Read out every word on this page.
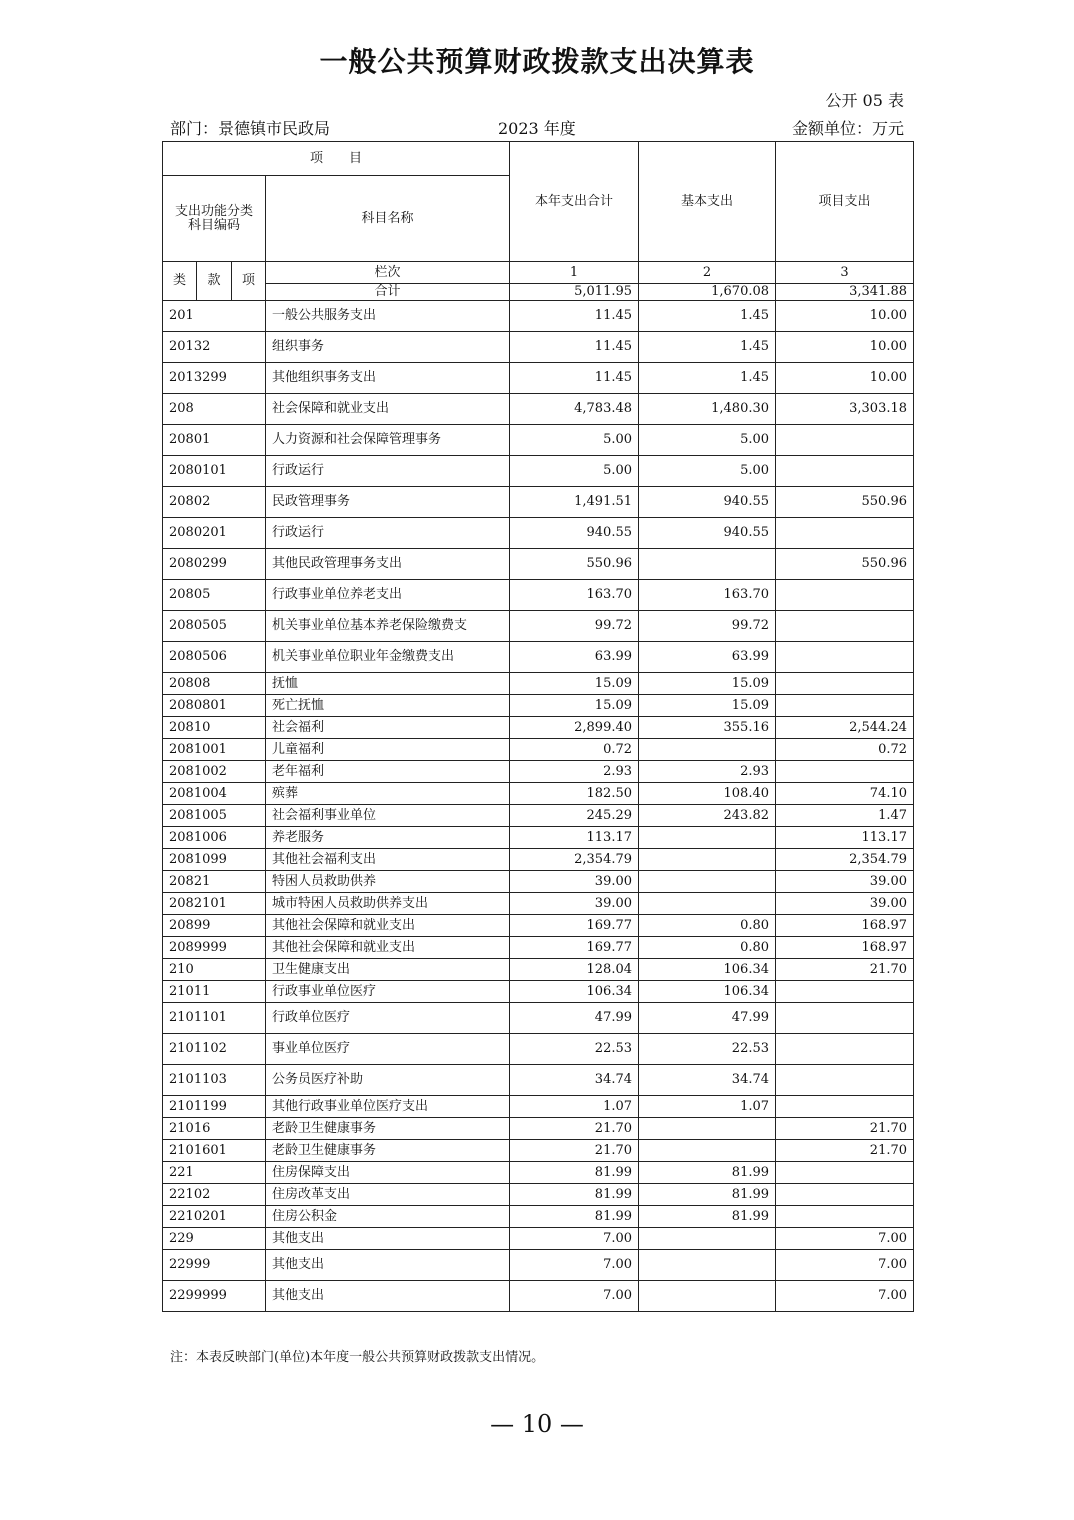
一般公共预算财政拨款支出决算表
公开 05 表
部门：景德镇市民政局	2023 年度	金额单位：万元
项　　目				本年支出合计	基本支出	项目支出
支出功能分类
科目编码			科目名称			
类	款	项	栏次	1	2	3
			合计	5,011.95	1,670.08	3,341.88
201			一般公共服务支出	11.45	1.45	10.00
20132			组织事务	11.45	1.45	10.00
2013299			其他组织事务支出	11.45	1.45	10.00
208			社会保障和就业支出	4,783.48	1,480.30	3,303.18
20801			人力资源和社会保障管理事务	5.00	5.00	
2080101			行政运行	5.00	5.00	
20802			民政管理事务	1,491.51	940.55	550.96
2080201			行政运行	940.55	940.55	
2080299			其他民政管理事务支出	550.96		550.96
20805			行政事业单位养老支出	163.70	163.70	
2080505			机关事业单位基本养老保险缴费支	99.72	99.72	
2080506			机关事业单位职业年金缴费支出	63.99	63.99	
20808			抚恤	15.09	15.09	
2080801			死亡抚恤	15.09	15.09	
20810			社会福利	2,899.40	355.16	2,544.24
2081001			儿童福利	0.72		0.72
2081002			老年福利	2.93	2.93	
2081004			殡葬	182.50	108.40	74.10
2081005			社会福利事业单位	245.29	243.82	1.47
2081006			养老服务	113.17		113.17
2081099			其他社会福利支出	2,354.79		2,354.79
20821			特困人员救助供养	39.00		39.00
2082101			城市特困人员救助供养支出	39.00		39.00
20899			其他社会保障和就业支出	169.77	0.80	168.97
2089999			其他社会保障和就业支出	169.77	0.80	168.97
210			卫生健康支出	128.04	106.34	21.70
21011			行政事业单位医疗	106.34	106.34	
2101101			行政单位医疗	47.99	47.99	
2101102			事业单位医疗	22.53	22.53	
2101103			公务员医疗补助	34.74	34.74	
2101199			其他行政事业单位医疗支出	1.07	1.07	
21016			老龄卫生健康事务	21.70		21.70
2101601			老龄卫生健康事务	21.70		21.70
221			住房保障支出	81.99	81.99	
22102			住房改革支出	81.99	81.99	
2210201			住房公积金	81.99	81.99	
229			其他支出	7.00		7.00
22999			其他支出	7.00		7.00
2299999			其他支出	7.00		7.00
注：本表反映部门(单位)本年度一般公共预算财政拨款支出情况。
— 10 —
